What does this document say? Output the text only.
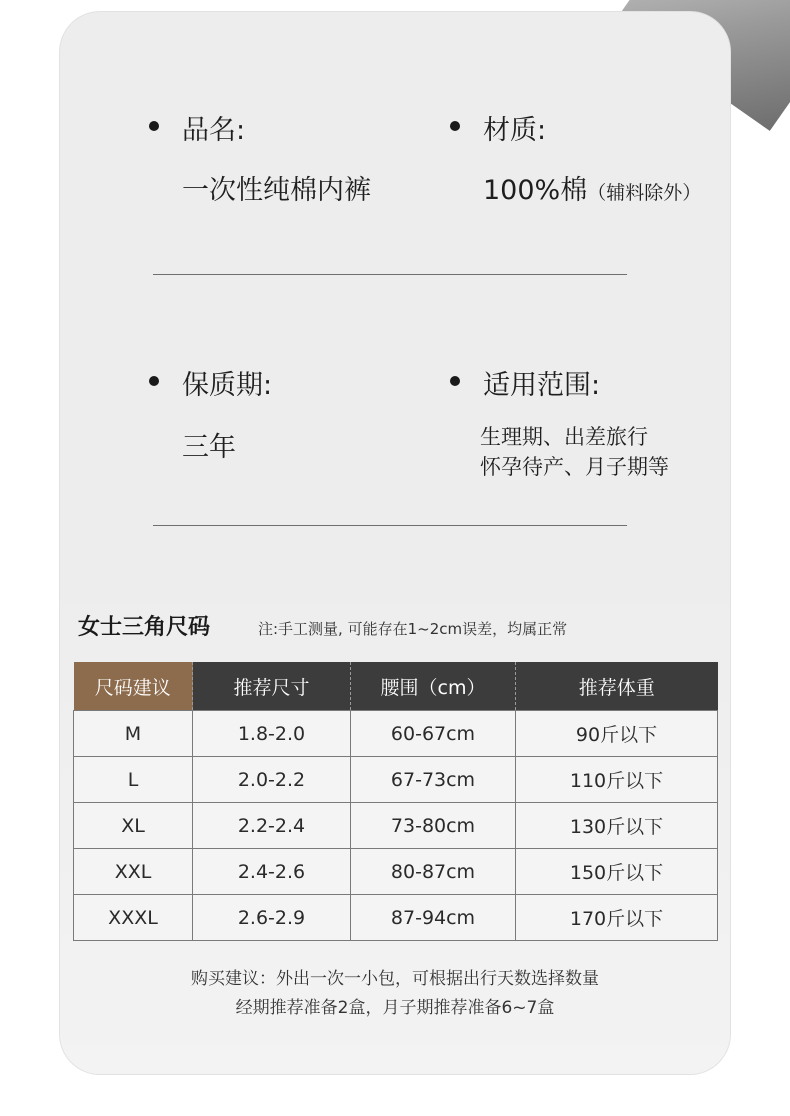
品名:
一次性纯棉内裤
材质:
100%棉（辅料除外）
保质期:
三年
适用范围:
生理期、出差旅行
怀孕待产、月子期等
女士三角尺码	注:手工测量, 可能存在1~2cm误差，均属正常
尺码建议	推荐尺寸	腰围（cm）	推荐体重
M	1.8-2.0	60-67cm	90斤以下
L	2.0-2.2	67-73cm	110斤以下
XL	2.2-2.4	73-80cm	130斤以下
XXL	2.4-2.6	80-87cm	150斤以下
XXXL	2.6-2.9	87-94cm	170斤以下
购买建议：外出一次一小包，可根据出行天数选择数量
经期推荐准备2盒，月子期推荐准备6~7盒
